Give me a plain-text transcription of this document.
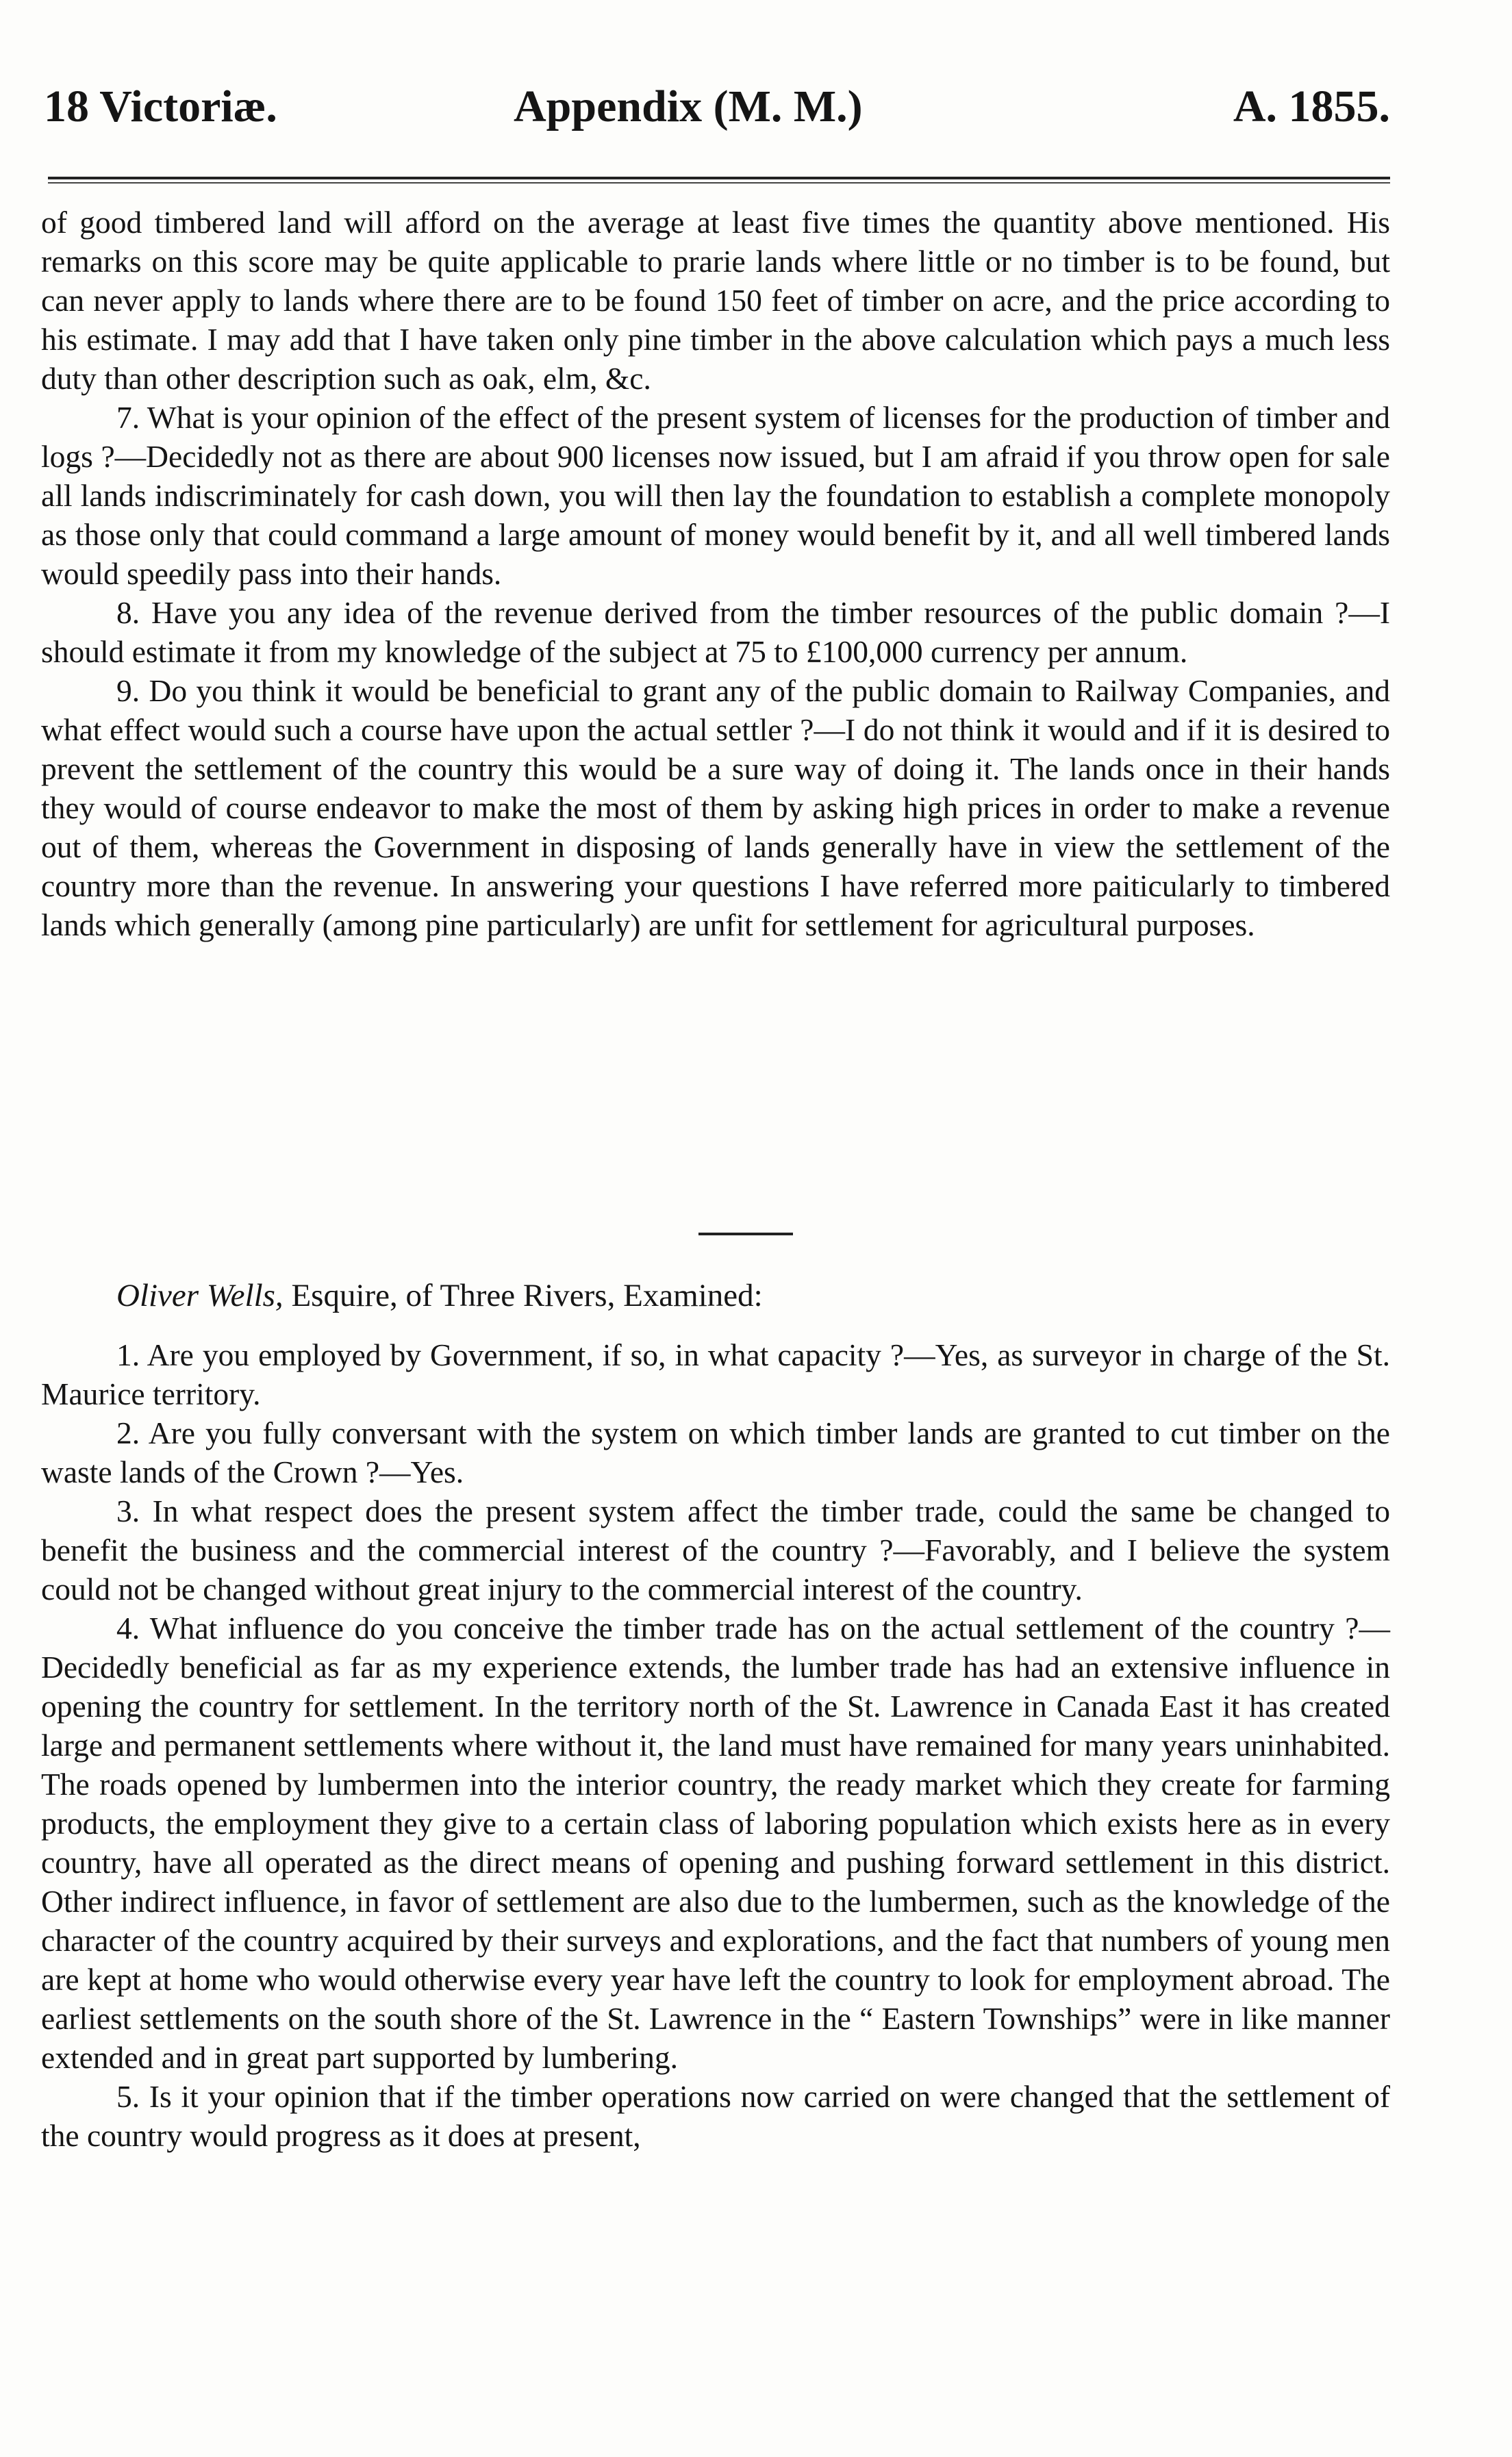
18 Victoriæ.	Appendix (M. M.)	A. 1855.

of good timbered land will afford on the average at least five times the quantity above mentioned. His remarks on this score may be quite applicable to prarie lands where little or no timber is to be found, but can never apply to lands where there are to be found 150 feet of timber on acre, and the price according to his estimate. I may add that I have taken only pine timber in the above calculation which pays a much less duty than other description such as oak, elm, &c.

7. What is your opinion of the effect of the present system of licenses for the production of timber and logs ?—Decidedly not as there are about 900 licenses now issued, but I am afraid if you throw open for sale all lands indiscriminately for cash down, you will then lay the foundation to establish a complete monopoly as those only that could command a large amount of money would benefit by it, and all well timbered lands would speedily pass into their hands.

8. Have you any idea of the revenue derived from the timber resources of the public domain ?—I should estimate it from my knowledge of the subject at 75 to £100,000 currency per annum.

9. Do you think it would be beneficial to grant any of the public domain to Railway Companies, and what effect would such a course have upon the actual settler ?—I do not think it would and if it is desired to prevent the settlement of the country this would be a sure way of doing it. The lands once in their hands they would of course endeavor to make the most of them by asking high prices in order to make a revenue out of them, whereas the Government in disposing of lands generally have in view the settlement of the country more than the revenue. In answering your questions I have referred more paiticularly to timbered lands which generally (among pine particularly) are unfit for settlement for agricultural purposes.

Oliver Wells, Esquire, of Three Rivers, Examined:

1. Are you employed by Government, if so, in what capacity ?—Yes, as surveyor in charge of the St. Maurice territory.

2. Are you fully conversant with the system on which timber lands are granted to cut timber on the waste lands of the Crown ?—Yes.

3. In what respect does the present system affect the timber trade, could the same be changed to benefit the business and the commercial interest of the country ?—Favorably, and I believe the system could not be changed without great injury to the commercial interest of the country.

4. What influence do you conceive the timber trade has on the actual settlement of the country ?—Decidedly beneficial as far as my experience extends, the lumber trade has had an extensive influence in opening the country for settlement. In the territory north of the St. Lawrence in Canada East it has created large and permanent settlements where without it, the land must have remained for many years uninhabited. The roads opened by lumbermen into the interior country, the ready market which they create for farming products, the employment they give to a certain class of laboring population which exists here as in every country, have all operated as the direct means of opening and pushing forward settlement in this district. Other indirect influence, in favor of settlement are also due to the lumbermen, such as the knowledge of the character of the country acquired by their surveys and explorations, and the fact that numbers of young men are kept at home who would otherwise every year have left the country to look for employment abroad. The earliest settlements on the south shore of the St. Lawrence in the “ Eastern Townships” were in like manner extended and in great part supported by lumbering.

5. Is it your opinion that if the timber operations now carried on were changed that the settlement of the country would progress as it does at present,
